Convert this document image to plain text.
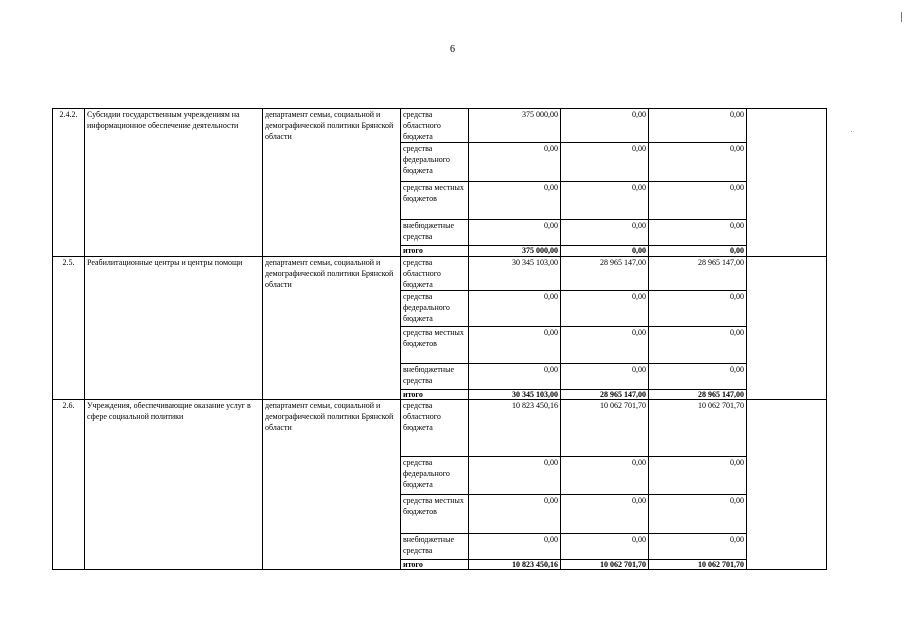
6
2.4.2.	Субсидии государственным учреждениям на информационное обеспечение деятельности	департамент семьи, социальной и демографической политики Брянской области	средства областного бюджета	375 000,00	0,00	0,00	
			средства федерального бюджета	0,00	0,00	0,00	
			средства местных бюджетов	0,00	0,00	0,00	
			внебюджетные средства	0,00	0,00	0,00	
			итого	375 000,00	0,00	0,00	
2.5.	Реабилитационные центры и центры помощи	департамент семьи, социальной и демографической политики Брянской области	средства областного бюджета	30 345 103,00	28 965 147,00	28 965 147,00	
			средства федерального бюджета	0,00	0,00	0,00	
			средства местных бюджетов	0,00	0,00	0,00	
			внебюджетные средства	0,00	0,00	0,00	
			итого	30 345 103,00	28 965 147,00	28 965 147,00	
2.6.	Учреждения, обеспечивающие оказание услуг в сфере социальной политики	департамент семьи, социальной и демографической политики Брянской области	средства областного бюджета	10 823 450,16	10 062 701,70	10 062 701,70	
			средства федерального бюджета	0,00	0,00	0,00	
			средства местных бюджетов	0,00	0,00	0,00	
			внебюджетные средства	0,00	0,00	0,00	
			итого	10 823 450,16	10 062 701,70	10 062 701,70	
